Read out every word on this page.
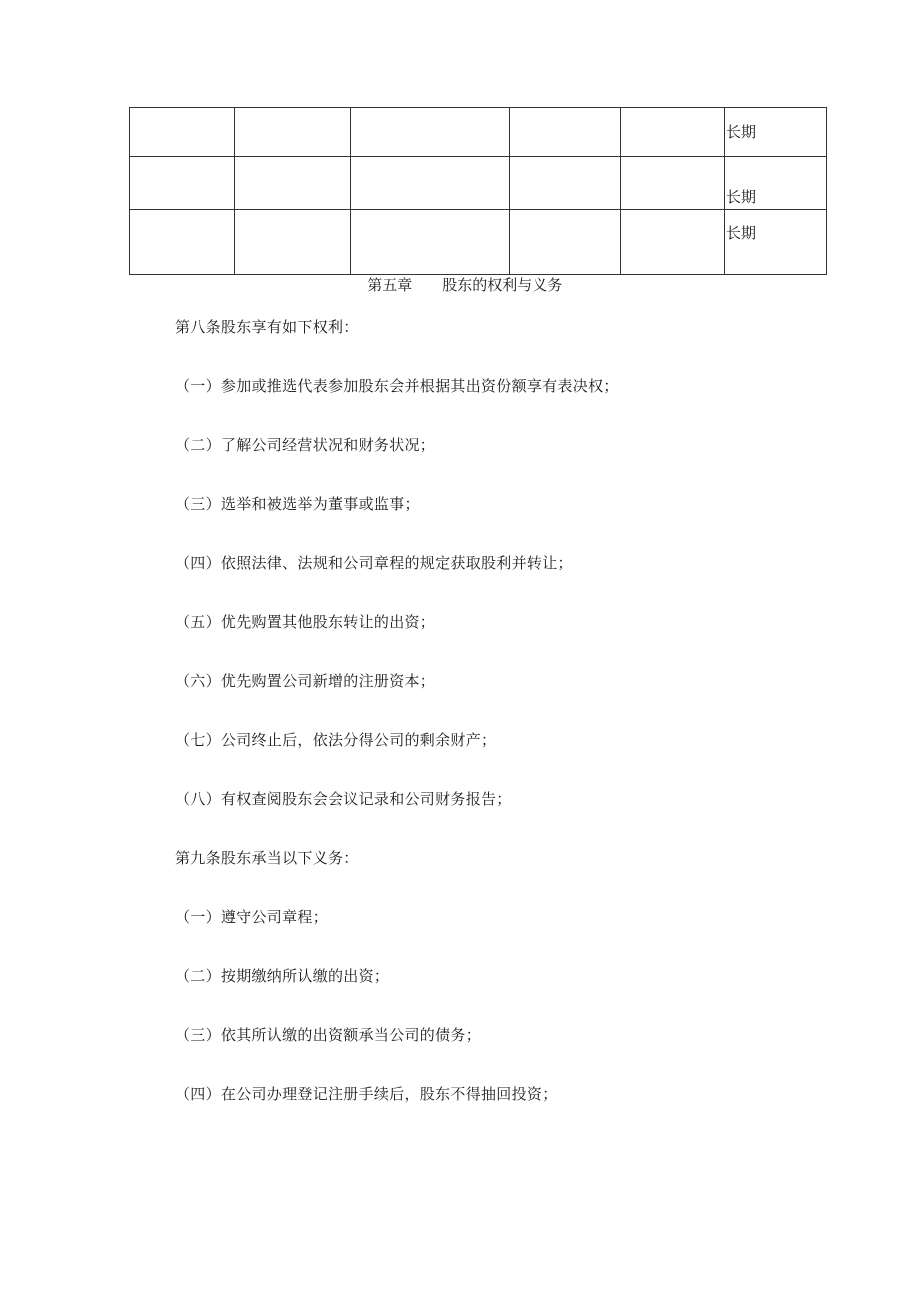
					长期
					长期
					长期

第五章 股东的权利与义务

第八条股东享有如下权利：
（一）参加或推选代表参加股东会并根据其出资份额享有表决权；
（二）了解公司经营状况和财务状况；
（三）选举和被选举为董事或监事；
（四）依照法律、法规和公司章程的规定获取股利并转让；
（五）优先购置其他股东转让的出资；
（六）优先购置公司新增的注册资本；
（七）公司终止后，依法分得公司的剩余财产；
（八）有权查阅股东会会议记录和公司财务报告；
第九条股东承当以下义务：
（一）遵守公司章程；
（二）按期缴纳所认缴的出资；
（三）依其所认缴的出资额承当公司的债务；
（四）在公司办理登记注册手续后，股东不得抽回投资；
